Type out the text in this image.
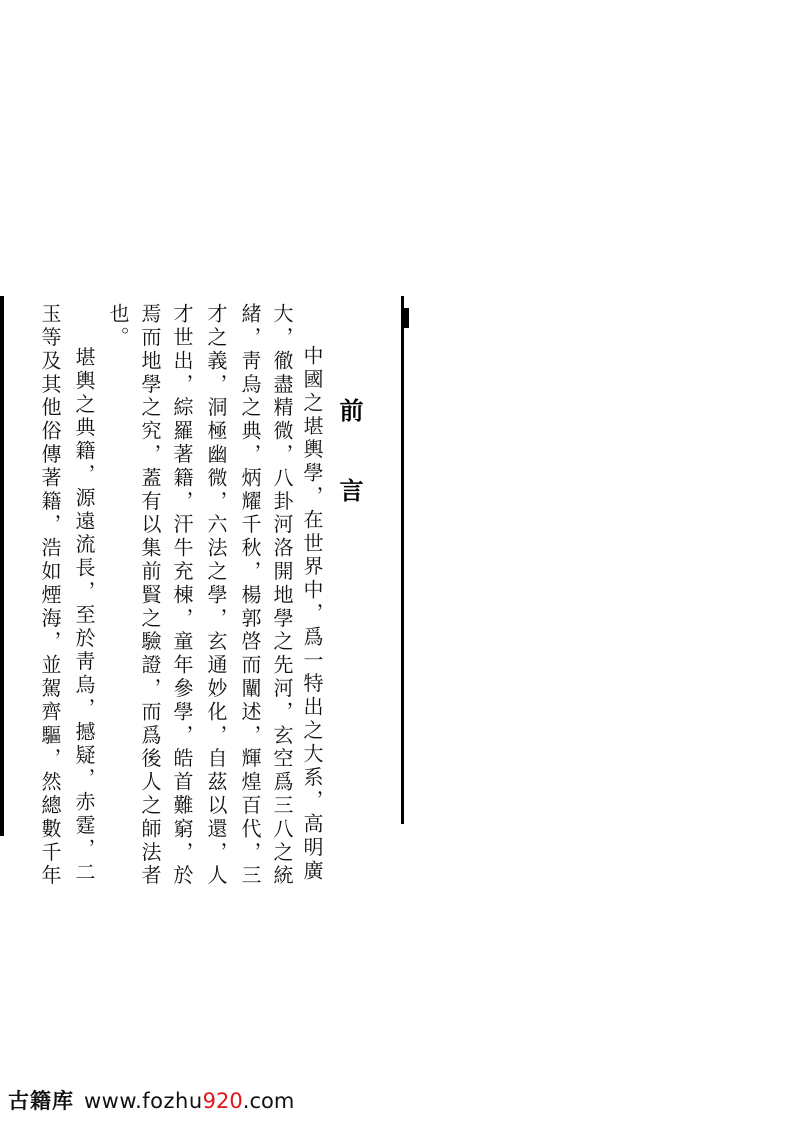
前言
中國之堪輿學，在世界中，爲一特出之大系，高明廣
大，徹盡精微，八卦河洛開地學之先河，玄空爲三八之統
緒，靑烏之典，炳耀千秋，楊郭啓而闡述，輝煌百代，三
才之義，洞極幽微，六法之學，玄通妙化，自茲以還，人
才世出，綜羅著籍，汗牛充棟，童年參學，皓首難窮，於
焉而地學之究，蓋有以集前賢之驗證，而爲後人之師法者
也。
　堪輿之典籍，源遠流長，至於靑烏，撼疑，赤霆，二
玉等及其他俗傳著籍，浩如煙海，並駕齊驅，然總數千年
古籍库 www.fozhu920.com
